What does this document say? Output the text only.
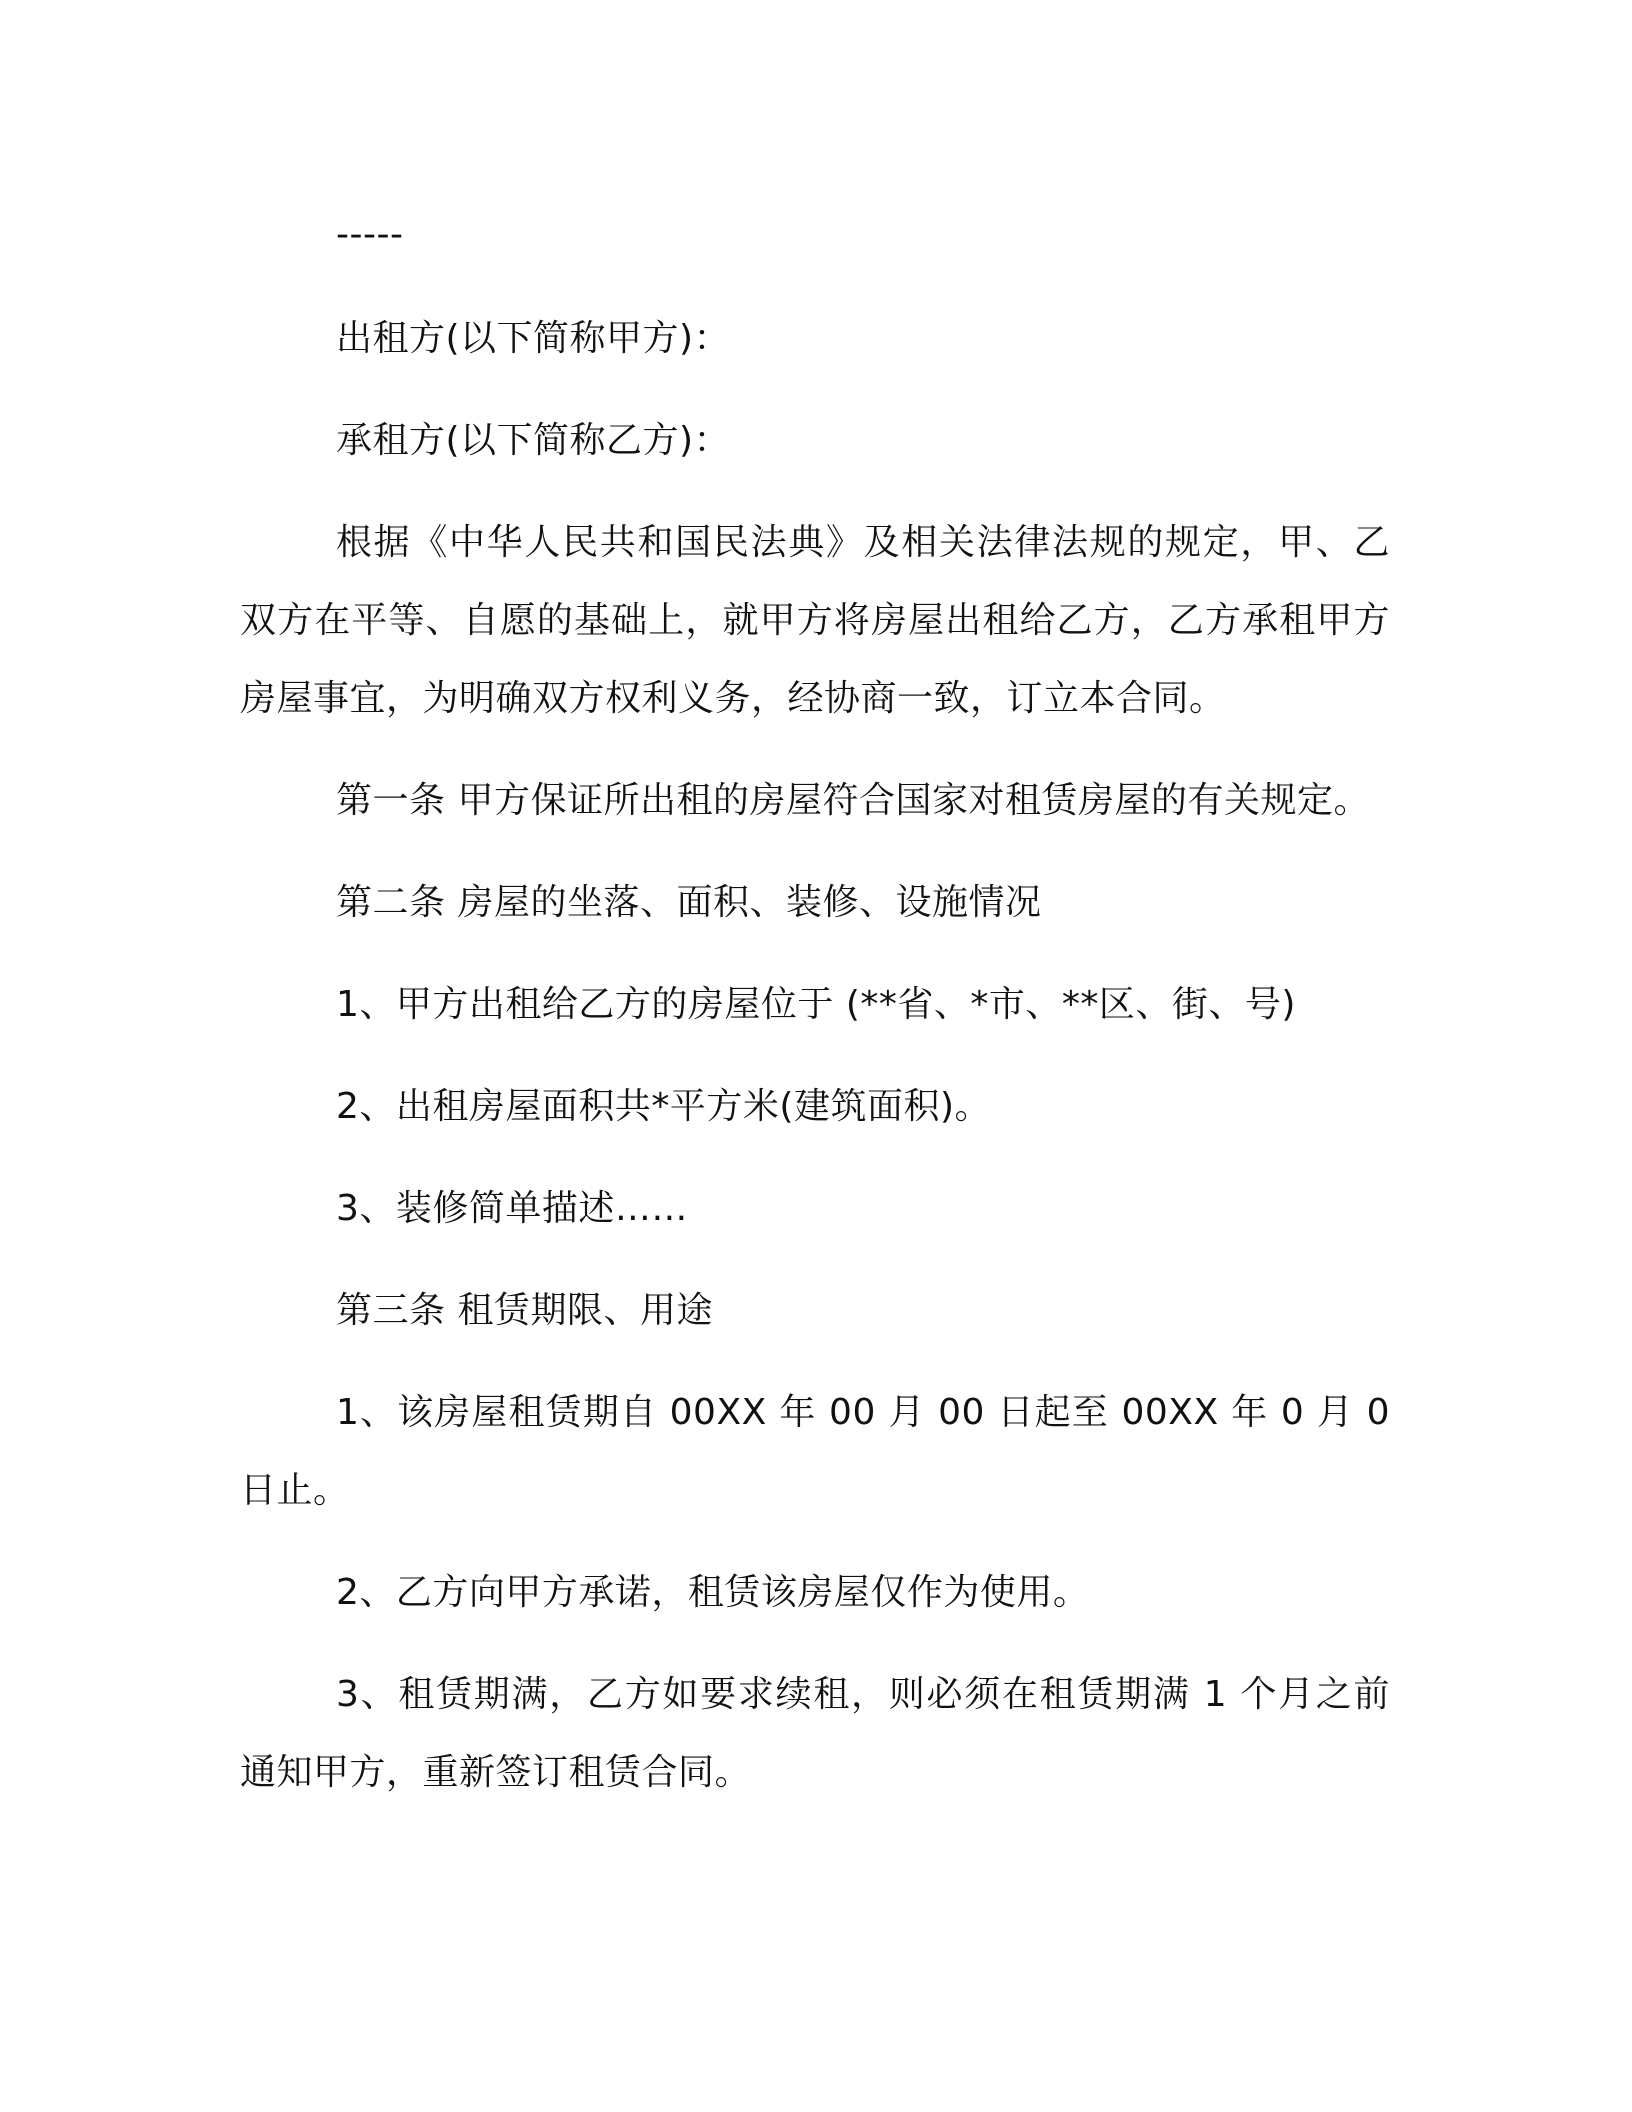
-----

出租方(以下简称甲方)：

承租方(以下简称乙方)：

根据《中华人民共和国民法典》及相关法律法规的规定，甲、乙双方在平等、自愿的基础上，就甲方将房屋出租给乙方，乙方承租甲方房屋事宜，为明确双方权利义务，经协商一致，订立本合同。

第一条 甲方保证所出租的房屋符合国家对租赁房屋的有关规定。

第二条 房屋的坐落、面积、装修、设施情况

1、甲方出租给乙方的房屋位于 (**省、*市、**区、街、号)

2、出租房屋面积共*平方米(建筑面积)。

3、装修简单描述……

第三条 租赁期限、用途

1、该房屋租赁期自 00XX 年 00 月 00 日起至 00XX 年 0 月 0 日止。

2、乙方向甲方承诺，租赁该房屋仅作为使用。

3、租赁期满，乙方如要求续租，则必须在租赁期满 1 个月之前通知甲方，重新签订租赁合同。
